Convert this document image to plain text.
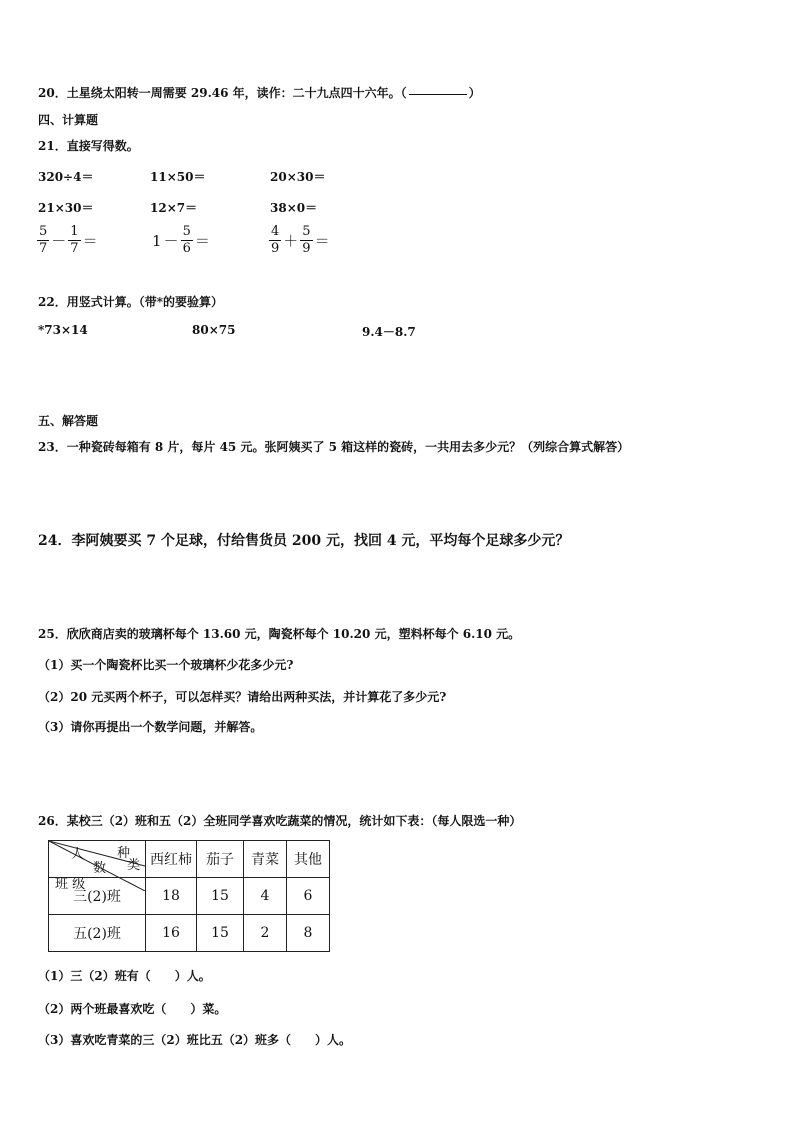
20．土星绕太阳转一周需要 29.46 年，读作：二十九点四十六年。（	）
四、计算题
21．直接写得数。
320÷4＝	11×50＝	20×30＝
21×30＝	12×7＝	38×0＝
$\frac{5}{7} - \frac{1}{7}$ ＝	$1 - \frac{5}{6}$ ＝	$\frac{4}{9} + \frac{5}{9}$ ＝
22．用竖式计算。（带*的要验算）
*73×14	80×75	9.4－8.7
五、解答题
23．一种瓷砖每箱有 8 片，每片 45 元。张阿姨买了 5 箱这样的瓷砖，一共用去多少元？（列综合算式解答）
24．李阿姨要买 7 个足球，付给售货员 200 元，找回 4 元，平均每个足球多少元？
25．欣欣商店卖的玻璃杯每个 13.60 元，陶瓷杯每个 10.20 元，塑料杯每个 6.10 元。
（1）买一个陶瓷杯比买一个玻璃杯少花多少元?
（2）20 元买两个杯子，可以怎样买？请给出两种买法，并计算花了多少元?
（3）请你再提出一个数学问题，并解答。
26．某校三（2）班和五（2）全班同学喜欢吃蔬菜的情况，统计如下表：（每人限选一种）
人
数
种
类
班 级	西红柿	茄子	青菜	其他
三(2)班	18	15	4	6
五(2)班	16	15	2	8
（1）三（2）班有（　　）人。
（2）两个班最喜欢吃（　　）菜。
（3）喜欢吃青菜的三（2）班比五（2）班多（　　）人。
